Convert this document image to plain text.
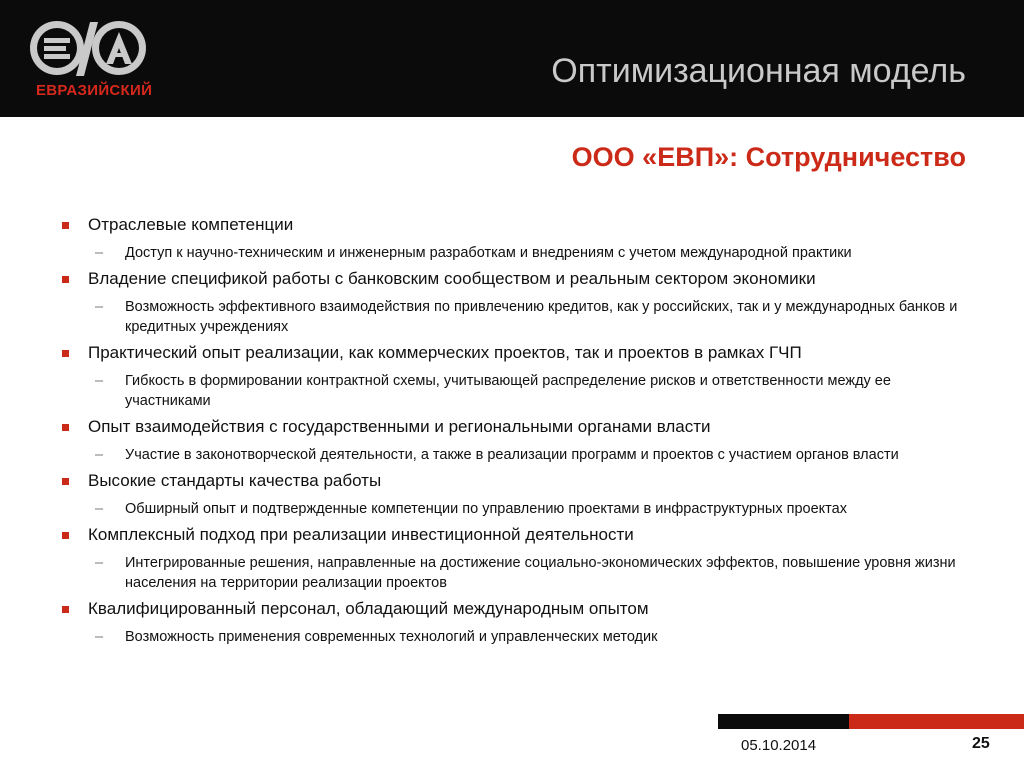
ЕВРАЗИЙСКИЙ
Оптимизационная модель
ООО «ЕВП»: Сотрудничество
Отраслевые компетенции
– Доступ к научно-техническим и инженерным разработкам и внедрениям с учетом международной практики
Владение спецификой работы с банковским сообществом и реальным сектором экономики
– Возможность эффективного взаимодействия по привлечению кредитов, как у российских, так и у международных банков и кредитных учреждениях
Практический опыт реализации, как коммерческих проектов, так и проектов в рамках ГЧП
– Гибкость в формировании контрактной схемы, учитывающей распределение рисков и ответственности между ее участниками
Опыт взаимодействия с государственными и региональными органами власти
– Участие в законотворческой деятельности, а также в реализации программ и проектов с участием органов власти
Высокие стандарты качества работы
– Обширный опыт и подтвержденные компетенции по управлению проектами в инфраструктурных проектах
Комплексный подход при реализации инвестиционной деятельности
– Интегрированные решения, направленные на достижение социально-экономических эффектов, повышение уровня жизни населения на территории реализации проектов
Квалифицированный персонал, обладающий международным опытом
– Возможность применения современных технологий и управленческих методик
05.10.2014	25
